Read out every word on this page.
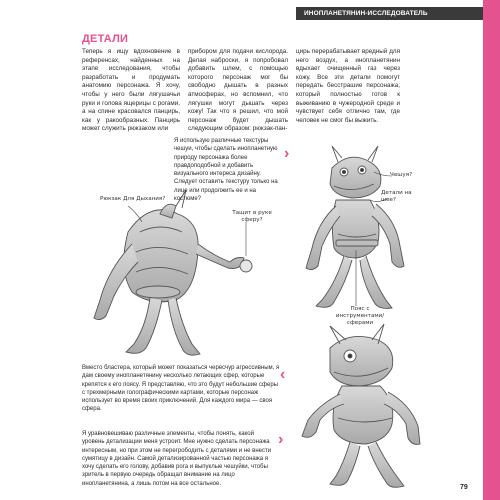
ИНОПЛАНЕТЯНИН-ИССЛЕДОВАТЕЛЬ
ДЕТАЛИ
Теперь я ищу вдохновение в референсах, найденных на этапе исследования, чтобы разработать и продумать анатомию персонажа. Я хочу, чтобы у него были лягушачьи руки и голова ящерицы с рогами, а на спине красовался панцирь, как у ракообразных. Панцирь может служить рюкзаком или
прибором для подачи кислорода. Делая наброски, я попробовал добавить шлем, с помощью которого персонаж мог бы свободно дышать в разных атмосферах, но вспомнил, что лягушки могут дышать через кожу! Так что я решил, что мой персонаж будет дышать следующим образом: рюкзак-пан-
цирь перерабатывает вредный для него воздух, а инопланетянин вдыхает очищенный газ через кожу. Все эти детали помогут передать бесстрашие персонажа, который полностью готов к выживанию в чужеродной среде и чувствует себя отлично там, где человек не смог бы выжить.
Рюкзак Для Дыхания?
Тащит в руке сферу?
Чешуя?
Детали на шее?
Пояс с инструментами/сферами
›
Я использую различные текстуры чешуи, чтобы сделать инопланетную природу персонажа более правдоподобной и добавить визуального интереса дизайну. Следует оставить текстуру только на лице или продолжить ее и на костюме?
‹
Вместо бластера, который может показаться чересчур агрессивным, я дам своему инопланетянину несколько летающих сфер, которые крепятся к его поясу. Я представляю, что это будут небольшие сферы с трехмерными голографическими картами, которые персонаж использует во время своих приключений. Для каждого мира — своя сфера.
›
Я уравновешиваю различные элементы, чтобы понять, какой уровень детализации меня устроит. Мне нужно сделать персонажа интересным, но при этом не перегрободить с деталями и не внести сумятицу в дизайн. Самой детализированной частью персонажа я хочу сделать его голову, добавив рога и выпуклые чешуйки, чтобы зритель в первую очередь обращал внимание на лицо инопланетянина, а лишь потом на все остальное.
79
